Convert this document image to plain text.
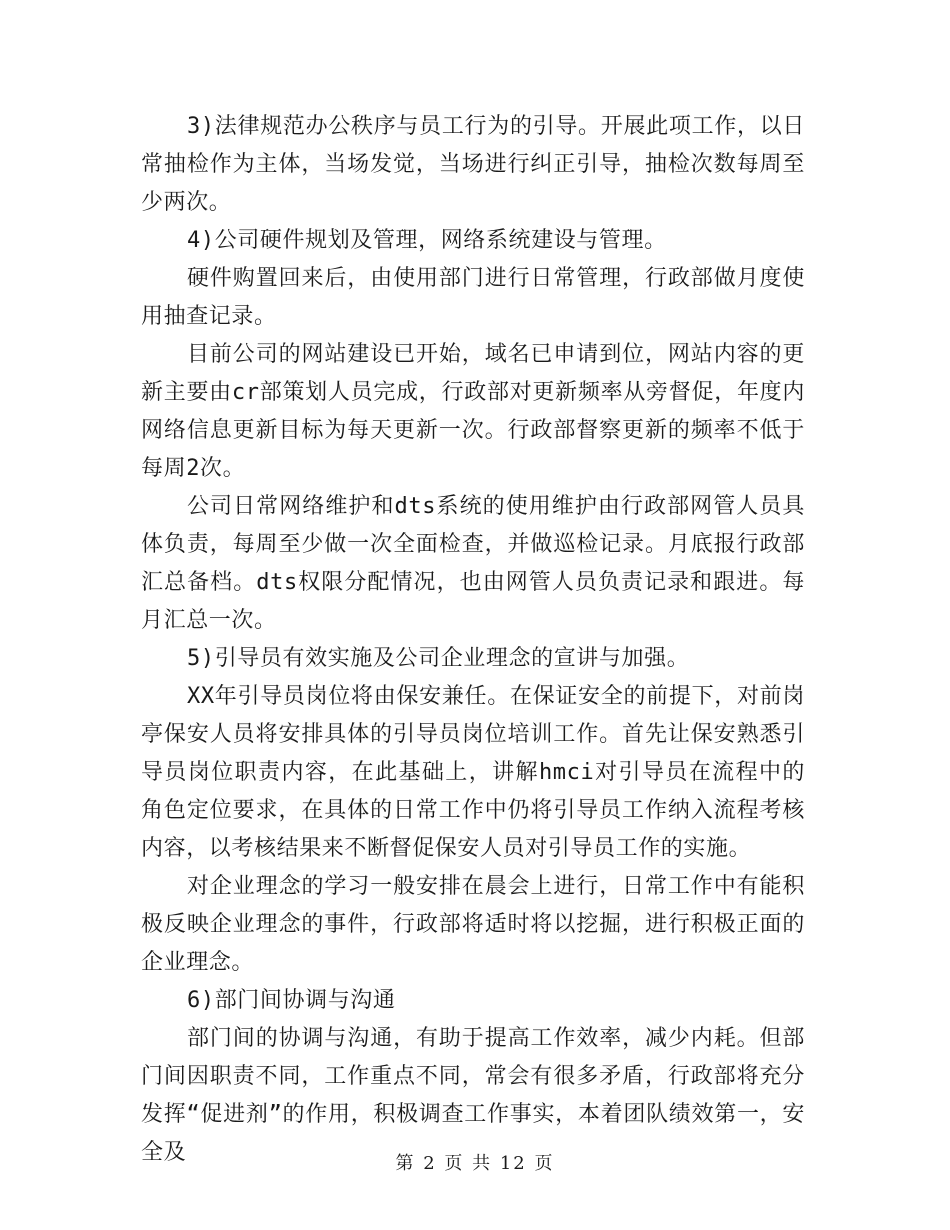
3)法律规范办公秩序与员工行为的引导。开展此项工作，以日常抽检作为主体，当场发觉，当场进行纠正引导，抽检次数每周至少两次。

4)公司硬件规划及管理，网络系统建设与管理。

硬件购置回来后，由使用部门进行日常管理，行政部做月度使用抽查记录。

目前公司的网站建设已开始，域名已申请到位，网站内容的更新主要由cr部策划人员完成，行政部对更新频率从旁督促，年度内网络信息更新目标为每天更新一次。行政部督察更新的频率不低于每周2次。

公司日常网络维护和dts系统的使用维护由行政部网管人员具体负责，每周至少做一次全面检查，并做巡检记录。月底报行政部汇总备档。dts权限分配情况，也由网管人员负责记录和跟进。每月汇总一次。

5)引导员有效实施及公司企业理念的宣讲与加强。

XX年引导员岗位将由保安兼任。在保证安全的前提下，对前岗亭保安人员将安排具体的引导员岗位培训工作。首先让保安熟悉引导员岗位职责内容，在此基础上，讲解hmci对引导员在流程中的角色定位要求，在具体的日常工作中仍将引导员工作纳入流程考核内容，以考核结果来不断督促保安人员对引导员工作的实施。

对企业理念的学习一般安排在晨会上进行，日常工作中有能积极反映企业理念的事件，行政部将适时将以挖掘，进行积极正面的企业理念。

6)部门间协调与沟通

部门间的协调与沟通，有助于提高工作效率，减少内耗。但部门间因职责不同，工作重点不同，常会有很多矛盾，行政部将充分发挥“促进剂”的作用，积极调查工作事实，本着团队绩效第一，安全及	第 2 页 共 12 页
